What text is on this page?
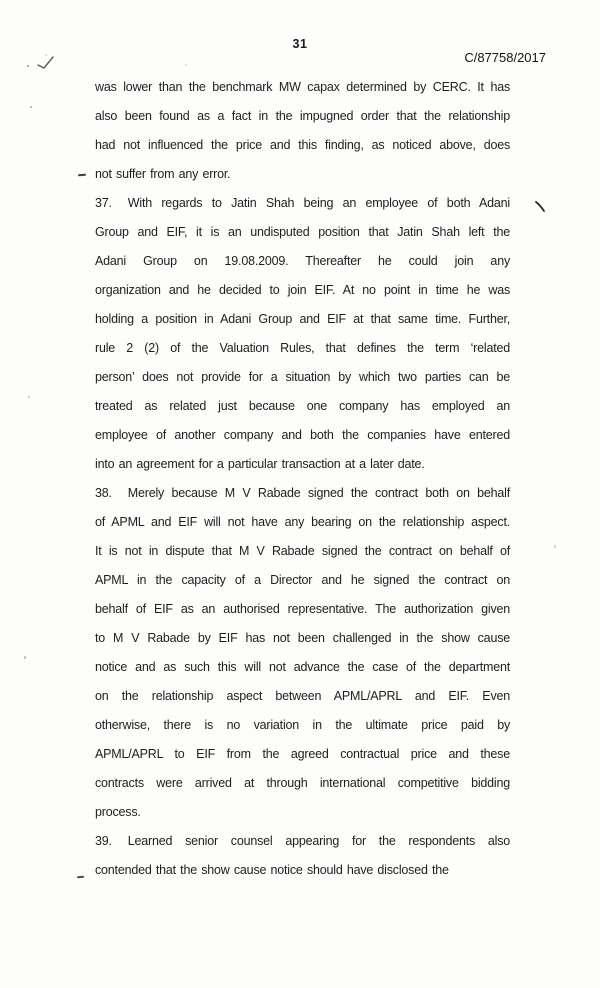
31
C/87758/2017
was lower than the benchmark MW capax determined by CERC. It has
also been found as a fact in the impugned order that the relationship
had not influenced the price and this finding, as noticed above, does
not suffer from any error.
37. With regards to Jatin Shah being an employee of both Adani
Group and EIF, it is an undisputed position that Jatin Shah left the
Adani Group on 19.08.2009. Thereafter he could join any
organization and he decided to join EIF. At no point in time he was
holding a position in Adani Group and EIF at that same time. Further,
rule 2 (2) of the Valuation Rules, that defines the term ‘related
person’ does not provide for a situation by which two parties can be
treated as related just because one company has employed an
employee of another company and both the companies have entered
into an agreement for a particular transaction at a later date.
38. Merely because M V Rabade signed the contract both on behalf
of APML and EIF will not have any bearing on the relationship aspect.
It is not in dispute that M V Rabade signed the contract on behalf of
APML in the capacity of a Director and he signed the contract on
behalf of EIF as an authorised representative. The authorization given
to M V Rabade by EIF has not been challenged in the show cause
notice and as such this will not advance the case of the department
on the relationship aspect between APML/APRL and EIF. Even
otherwise, there is no variation in the ultimate price paid by
APML/APRL to EIF from the agreed contractual price and these
contracts were arrived at through international competitive bidding
process.
39. Learned senior counsel appearing for the respondents also
contended that the show cause notice should have disclosed the
